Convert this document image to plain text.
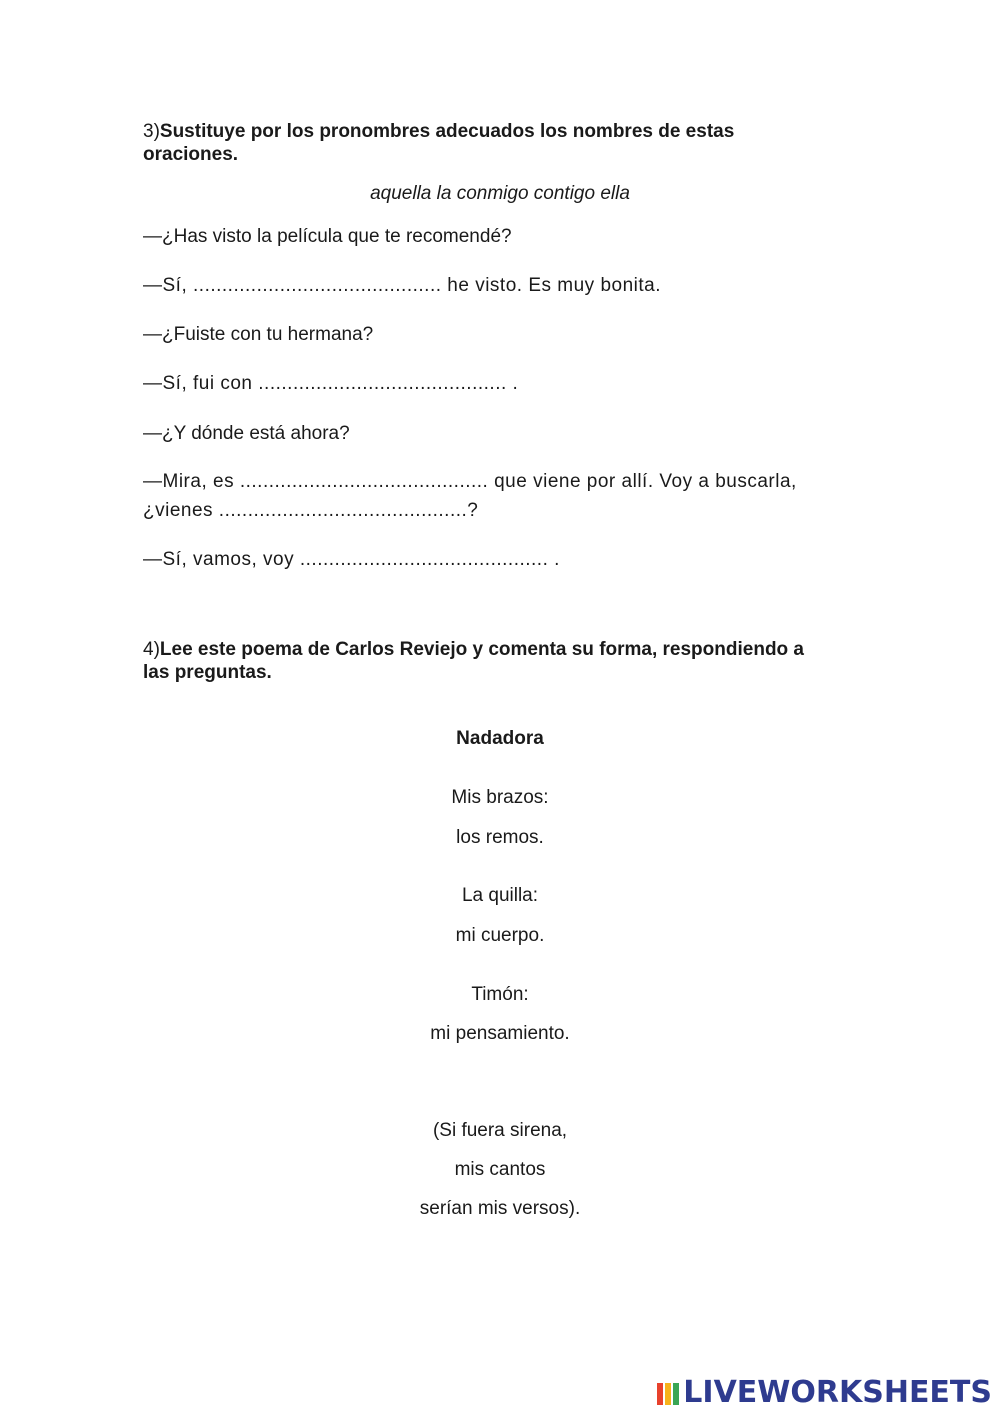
3)Sustituye por los pronombres adecuados los nombres de estas
oraciones.
aquella la conmigo contigo ella
—¿Has visto la película que te recomendé?
—Sí, ........................................... he visto. Es muy bonita.
—¿Fuiste con tu hermana?
—Sí, fui con ........................................... .
—¿Y dónde está ahora?
—Mira, es ........................................... que viene por allí. Voy a buscarla,
¿vienes ...........................................?
—Sí, vamos, voy ........................................... .
4)Lee este poema de Carlos Reviejo y comenta su forma, respondiendo a
las preguntas.
Nadadora
Mis brazos:
los remos.
La quilla:
mi cuerpo.
Timón:
mi pensamiento.
(Si fuera sirena,
mis cantos
serían mis versos).
LIVEWORKSHEETS
